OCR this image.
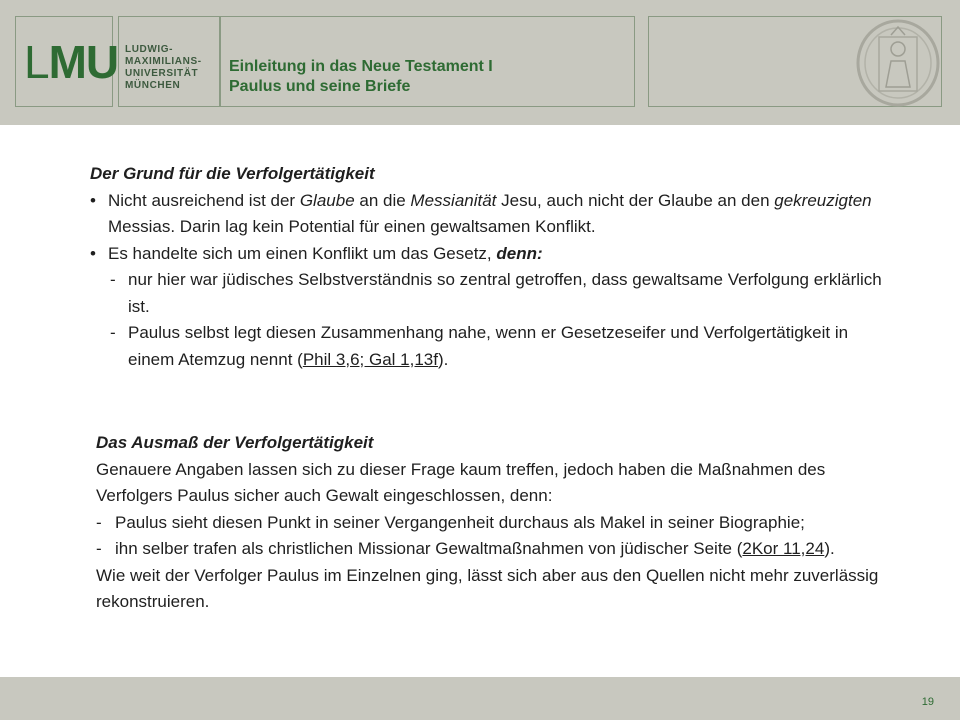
LMU LUDWIG-
MAXIMILIANS-
UNIVERSITÄT
MÜNCHEN
Einleitung in das Neue Testament I
Paulus und seine Briefe
Der Grund für die Verfolgertätigkeit
• Nicht ausreichend ist der Glaube an die Messianität Jesu, auch nicht der Glaube an den gekreuzigten Messias. Darin lag kein Potential für einen gewaltsamen Konflikt.
• Es handelte sich um einen Konflikt um das Gesetz, denn:
- nur hier war jüdisches Selbstverständnis so zentral getroffen, dass gewaltsame Verfolgung erklärlich ist.
- Paulus selbst legt diesen Zusammenhang nahe, wenn er Gesetzeseifer und Verfolgertätigkeit in einem Atemzug nennt (Phil 3,6; Gal 1,13f).
Das Ausmaß der Verfolgertätigkeit
Genauere Angaben lassen sich zu dieser Frage kaum treffen, jedoch haben die Maßnahmen des Verfolgers Paulus sicher auch Gewalt eingeschlossen, denn:
- Paulus sieht diesen Punkt in seiner Vergangenheit durchaus als Makel in seiner Biographie;
- ihn selber trafen als christlichen Missionar Gewaltmaßnahmen von jüdischer Seite (2Kor 11,24).
Wie weit der Verfolger Paulus im Einzelnen ging, lässt sich aber aus den Quellen nicht mehr zuverlässig rekonstruieren.
19
